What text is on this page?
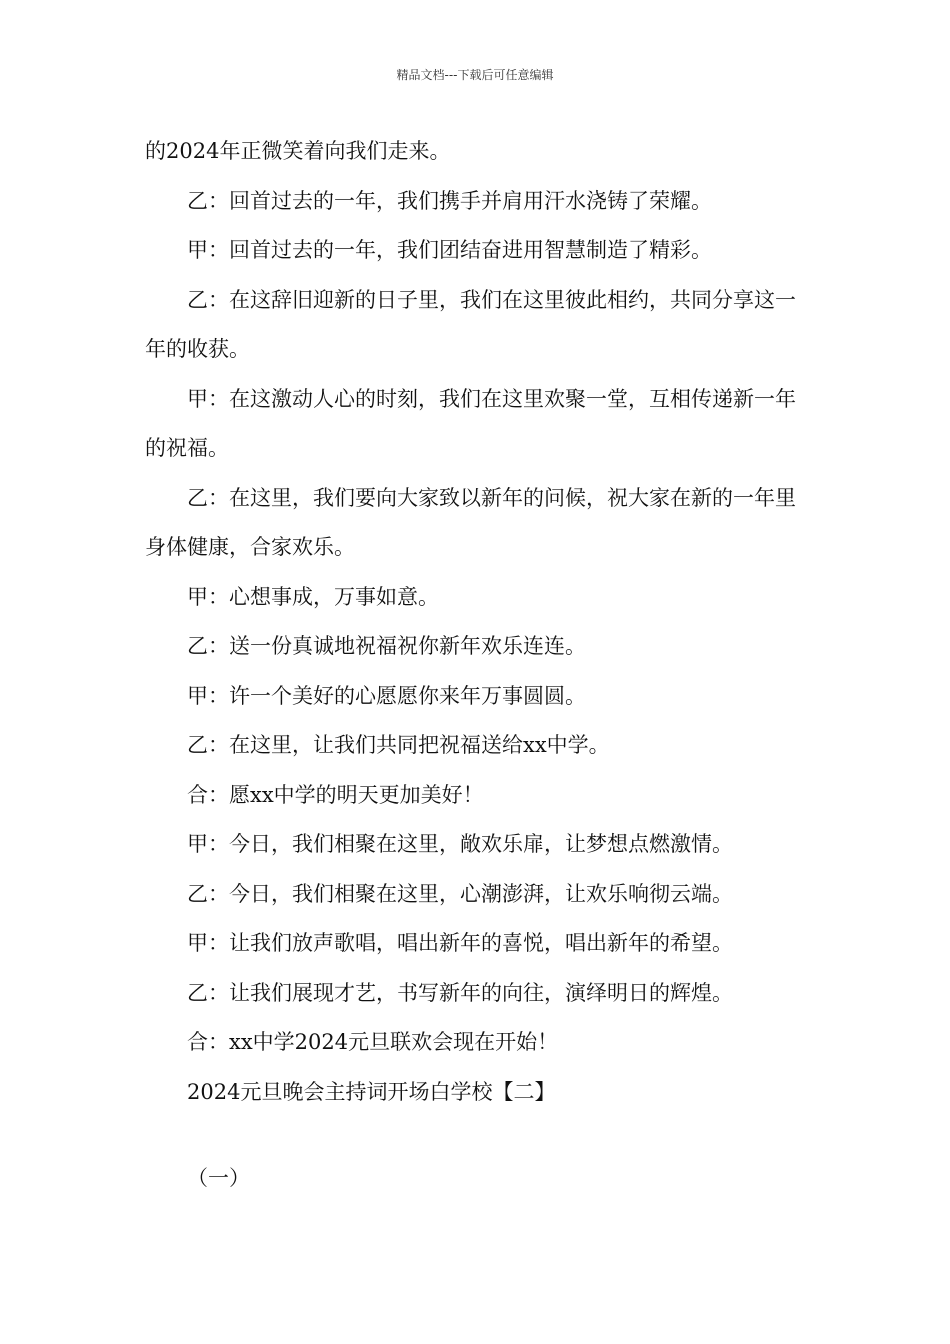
精品文档---下载后可任意编辑

的2024年正微笑着向我们走来。

乙：回首过去的一年，我们携手并肩用汗水浇铸了荣耀。

甲：回首过去的一年，我们团结奋进用智慧制造了精彩。

乙：在这辞旧迎新的日子里，我们在这里彼此相约，共同分享这一年的收获。

甲：在这激动人心的时刻，我们在这里欢聚一堂，互相传递新一年的祝福。

乙：在这里，我们要向大家致以新年的问候，祝大家在新的一年里身体健康，合家欢乐。

甲：心想事成，万事如意。

乙：送一份真诚地祝福祝你新年欢乐连连。

甲：许一个美好的心愿愿你来年万事圆圆。

乙：在这里，让我们共同把祝福送给xx中学。

合：愿xx中学的明天更加美好！

甲：今日，我们相聚在这里，敞欢乐扉，让梦想点燃激情。

乙：今日，我们相聚在这里，心潮澎湃，让欢乐响彻云端。

甲：让我们放声歌唱，唱出新年的喜悦，唱出新年的希望。

乙：让我们展现才艺，书写新年的向往，演绎明日的辉煌。

合：xx中学2024元旦联欢会现在开始！

2024元旦晚会主持词开场白学校【二】

（一）
